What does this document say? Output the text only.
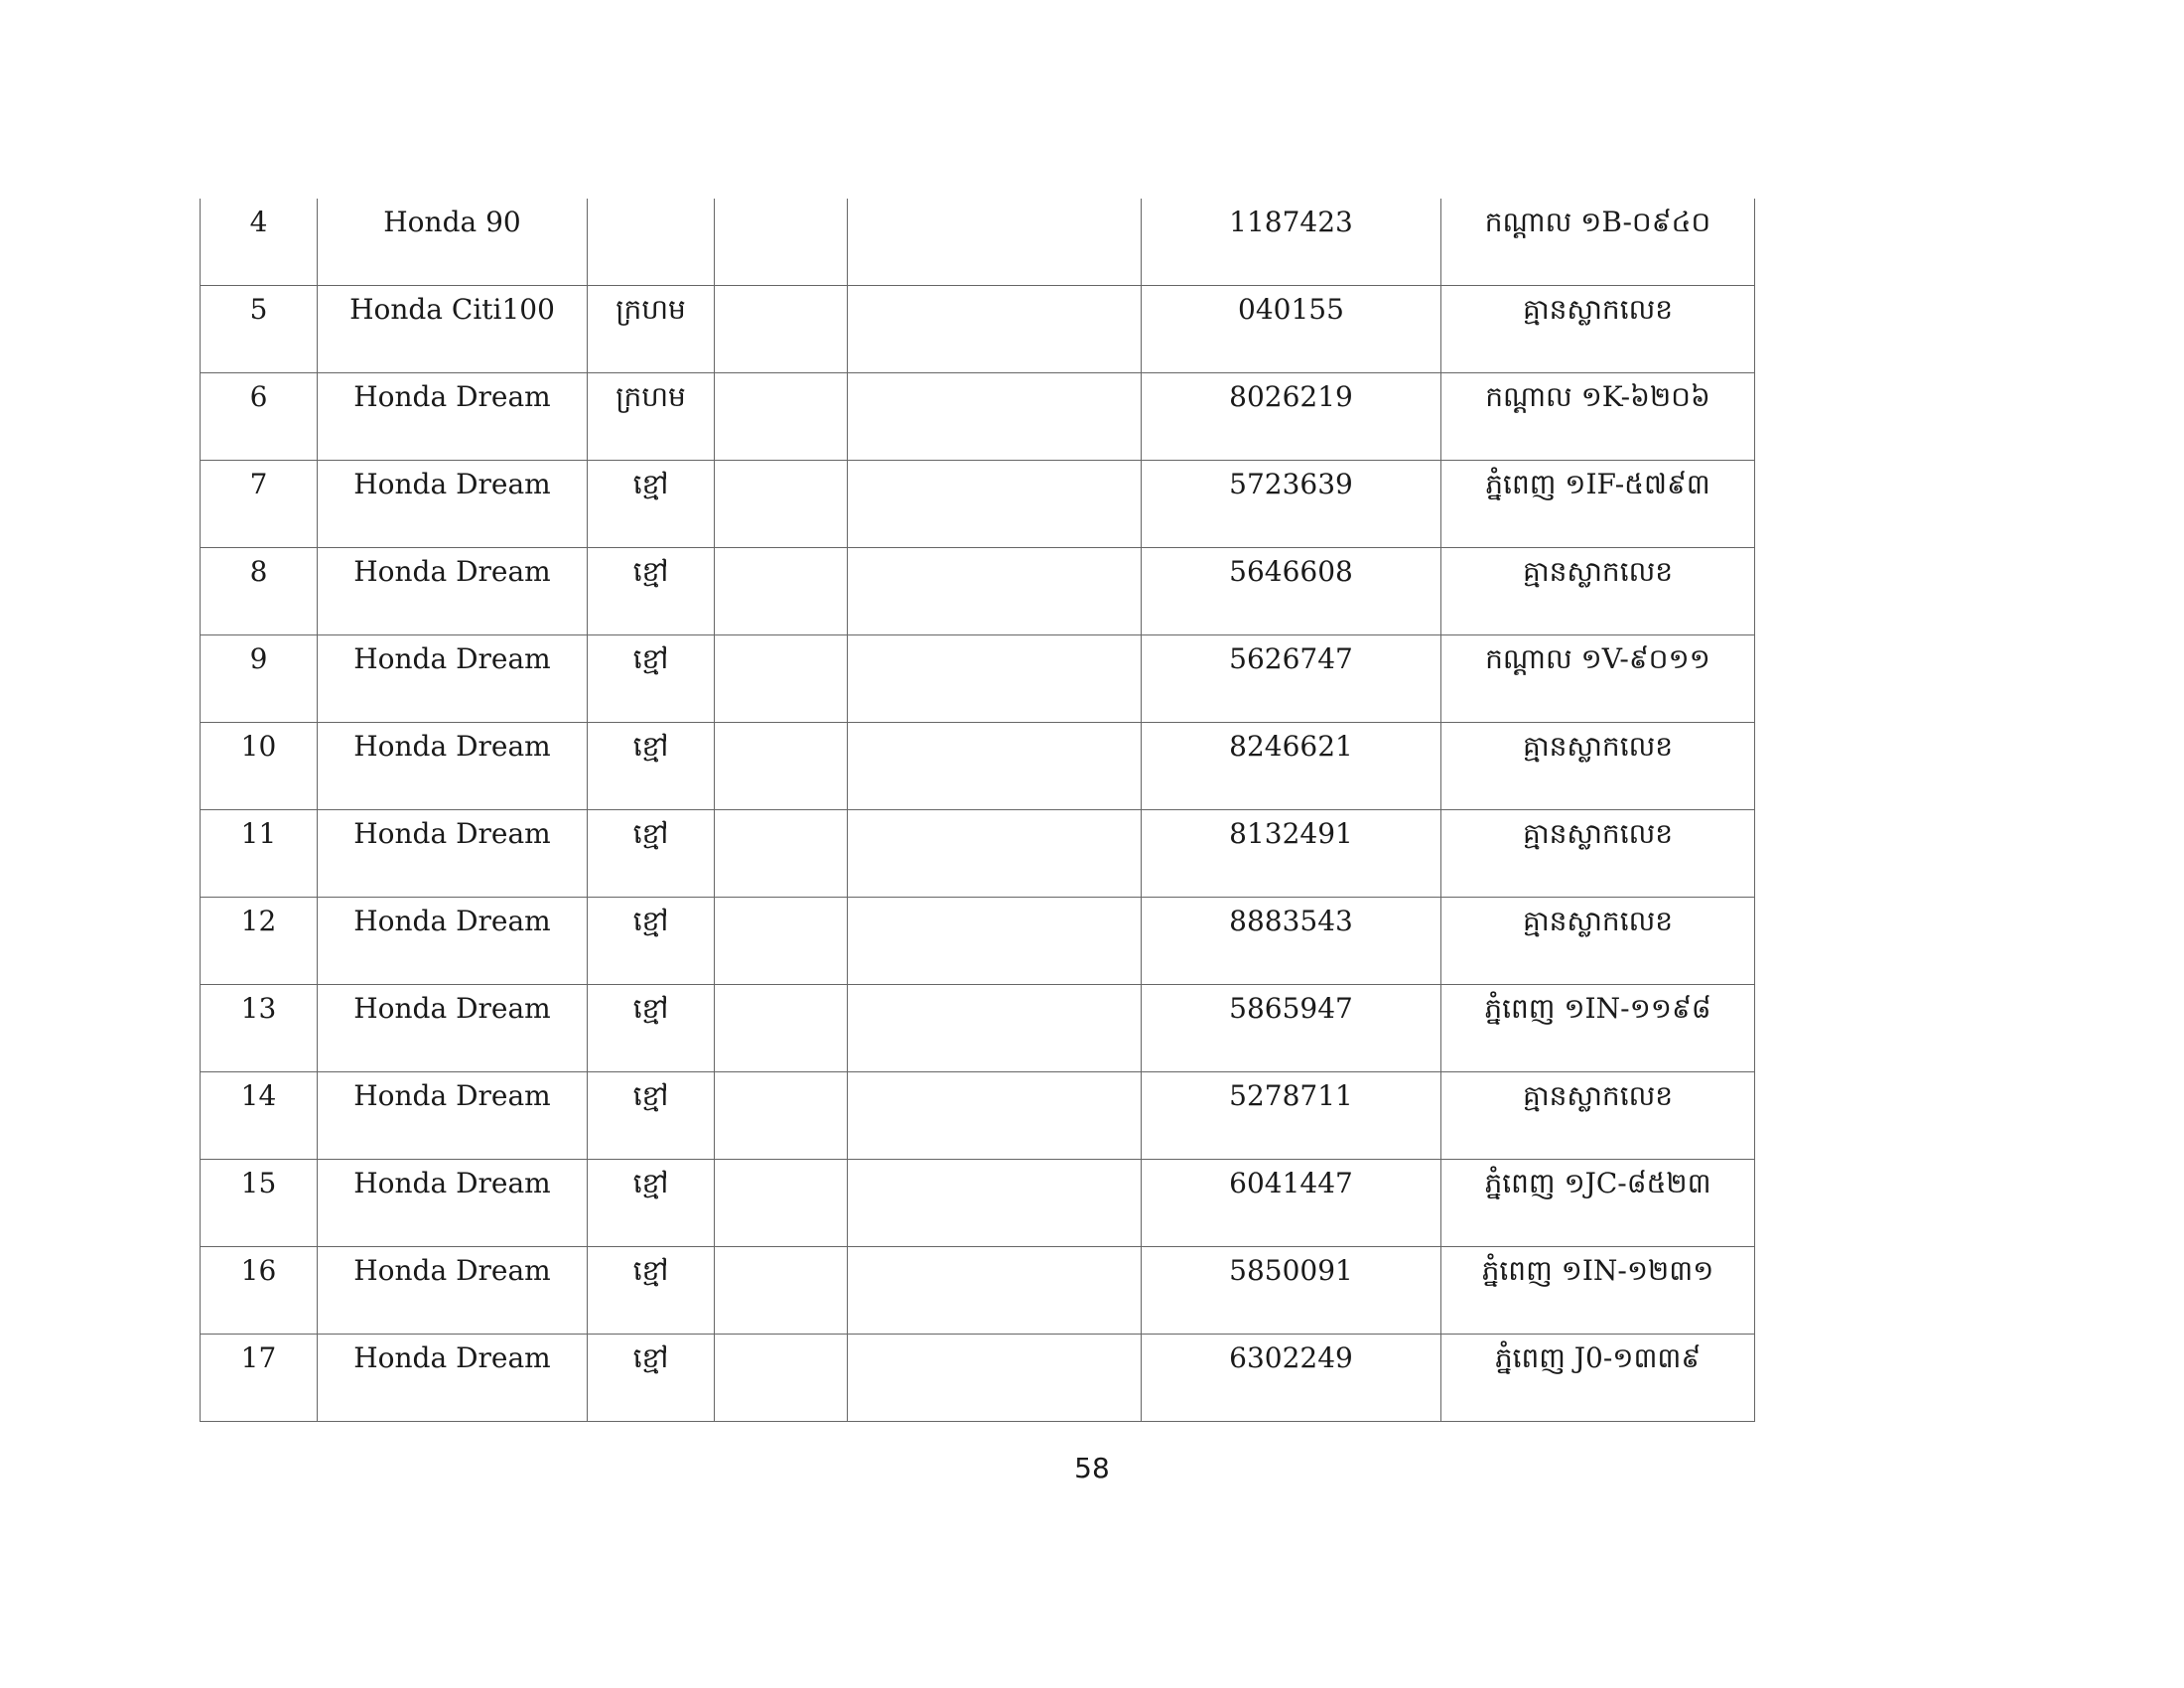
4	Honda 90				1187423	កណ្តាល ១B-០៩៤០

5	Honda Citi100	ក្រហម			040155	គ្មានស្លាកលេខ

6	Honda Dream	ក្រហម			8026219	កណ្តាល ១K-៦២០៦

7	Honda Dream	ខ្មៅ			5723639	ភ្នំពេញ ១IF-៥៧៩៣

8	Honda Dream	ខ្មៅ			5646608	គ្មានស្លាកលេខ

9	Honda Dream	ខ្មៅ			5626747	កណ្តាល ១V-៩០១១

10	Honda Dream	ខ្មៅ			8246621	គ្មានស្លាកលេខ

11	Honda Dream	ខ្មៅ			8132491	គ្មានស្លាកលេខ

12	Honda Dream	ខ្មៅ			8883543	គ្មានស្លាកលេខ

13	Honda Dream	ខ្មៅ			5865947	ភ្នំពេញ ១IN-១១៩៨

14	Honda Dream	ខ្មៅ			5278711	គ្មានស្លាកលេខ

15	Honda Dream	ខ្មៅ			6041447	ភ្នំពេញ ១JC-៨៥២៣

16	Honda Dream	ខ្មៅ			5850091	ភ្នំពេញ ១IN-១២៣១

17	Honda Dream	ខ្មៅ			6302249	ភ្នំពេញ J0-១៣៣៩
58
